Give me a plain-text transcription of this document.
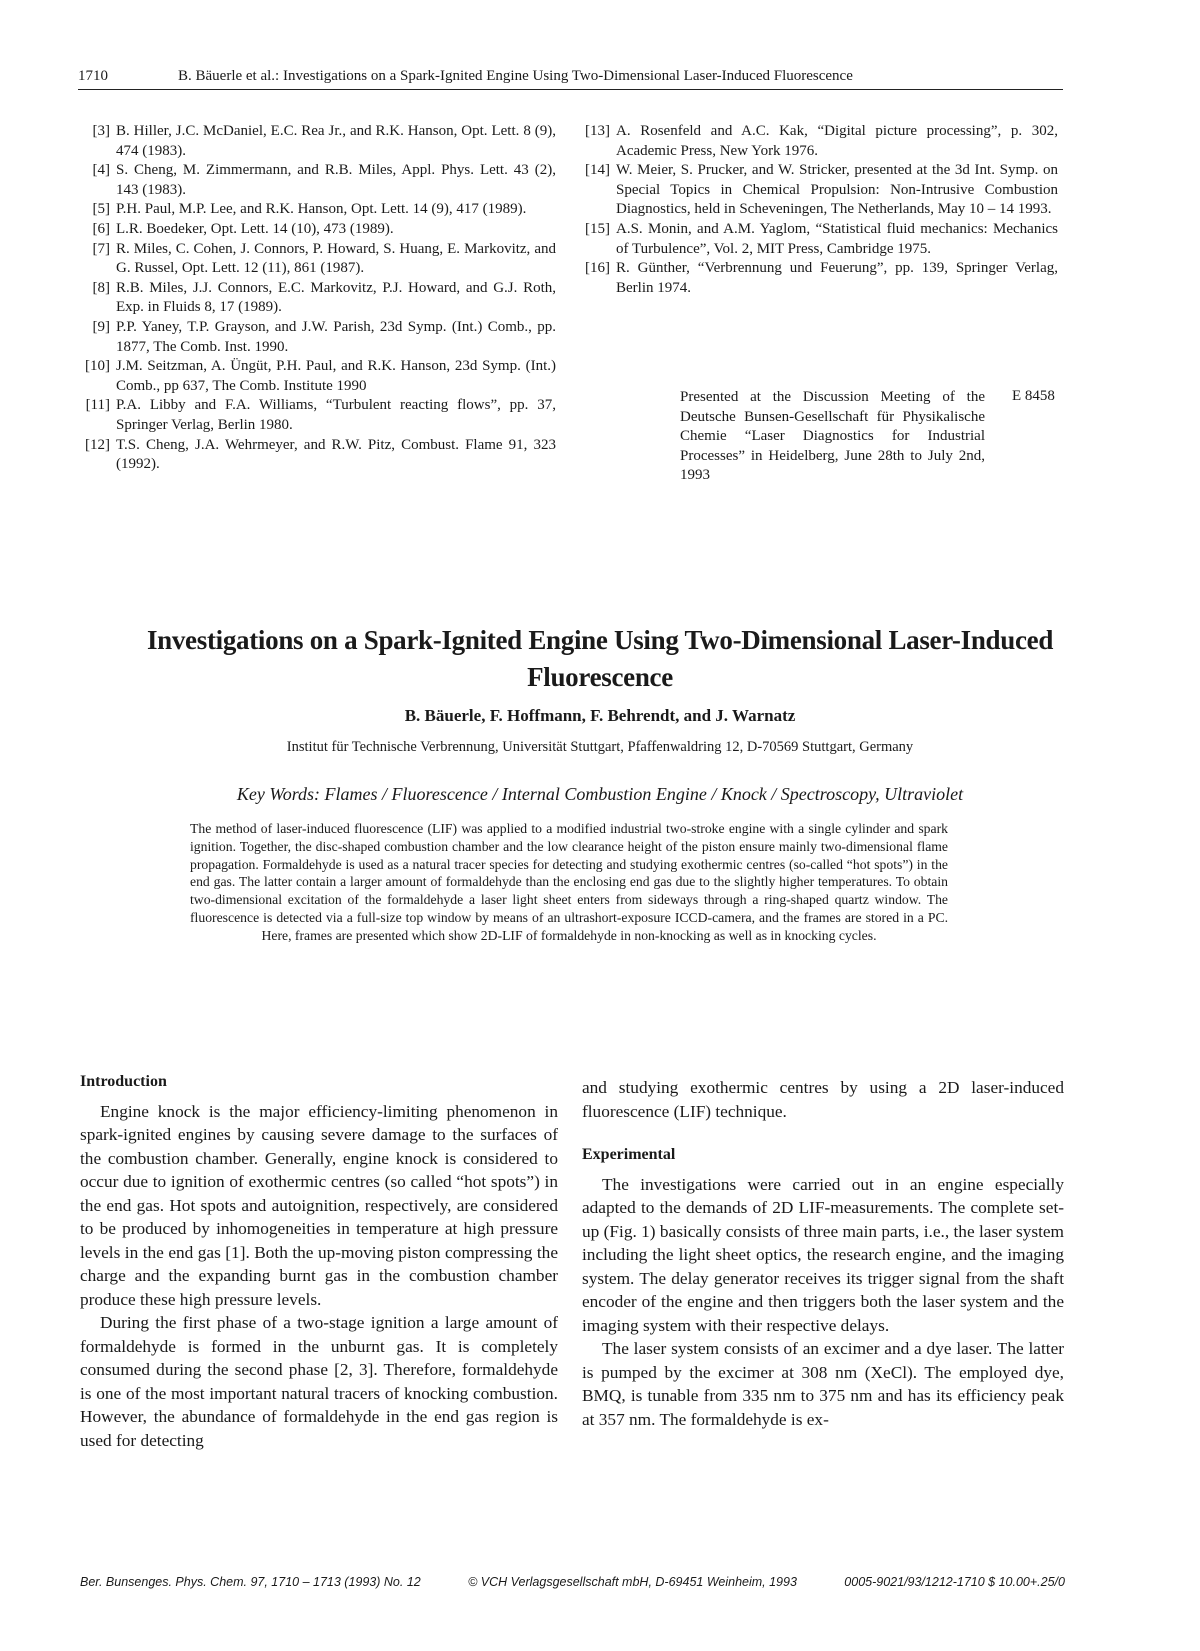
1710	B. Bäuerle et al.: Investigations on a Spark-Ignited Engine Using Two-Dimensional Laser-Induced Fluorescence
[3] B. Hiller, J.C. McDaniel, E.C. Rea Jr., and R.K. Hanson, Opt. Lett. 8 (9), 474 (1983).
[4] S. Cheng, M. Zimmermann, and R.B. Miles, Appl. Phys. Lett. 43 (2), 143 (1983).
[5] P.H. Paul, M.P. Lee, and R.K. Hanson, Opt. Lett. 14 (9), 417 (1989).
[6] L.R. Boedeker, Opt. Lett. 14 (10), 473 (1989).
[7] R. Miles, C. Cohen, J. Connors, P. Howard, S. Huang, E. Markovitz, and G. Russel, Opt. Lett. 12 (11), 861 (1987).
[8] R.B. Miles, J.J. Connors, E.C. Markovitz, P.J. Howard, and G.J. Roth, Exp. in Fluids 8, 17 (1989).
[9] P.P. Yaney, T.P. Grayson, and J.W. Parish, 23d Symp. (Int.) Comb., pp. 1877, The Comb. Inst. 1990.
[10] J.M. Seitzman, A. Üngüt, P.H. Paul, and R.K. Hanson, 23d Symp. (Int.) Comb., pp 637, The Comb. Institute 1990
[11] P.A. Libby and F.A. Williams, “Turbulent reacting flows”, pp. 37, Springer Verlag, Berlin 1980.
[12] T.S. Cheng, J.A. Wehrmeyer, and R.W. Pitz, Combust. Flame 91, 323 (1992).
[13] A. Rosenfeld and A.C. Kak, “Digital picture processing”, p. 302, Academic Press, New York 1976.
[14] W. Meier, S. Prucker, and W. Stricker, presented at the 3d Int. Symp. on Special Topics in Chemical Propulsion: Non-Intrusive Combustion Diagnostics, held in Scheveningen, The Netherlands, May 10 – 14 1993.
[15] A.S. Monin, and A.M. Yaglom, “Statistical fluid mechanics: Mechanics of Turbulence”, Vol. 2, MIT Press, Cambridge 1975.
[16] R. Günther, “Verbrennung und Feuerung”, pp. 139, Springer Verlag, Berlin 1974.
Presented at the Discussion Meeting of the Deutsche Bunsen-Gesellschaft für Physikalische Chemie “Laser Diagnostics for Industrial Processes” in Heidelberg, June 28th to July 2nd, 1993
E 8458
Investigations on a Spark-Ignited Engine Using Two-Dimensional Laser-Induced Fluorescence
B. Bäuerle, F. Hoffmann, F. Behrendt, and J. Warnatz
Institut für Technische Verbrennung, Universität Stuttgart, Pfaffenwaldring 12, D-70569 Stuttgart, Germany
Key Words: Flames / Fluorescence / Internal Combustion Engine / Knock / Spectroscopy, Ultraviolet
The method of laser-induced fluorescence (LIF) was applied to a modified industrial two-stroke engine with a single cylinder and spark ignition. Together, the disc-shaped combustion chamber and the low clearance height of the piston ensure mainly two-dimensional flame propagation. Formaldehyde is used as a natural tracer species for detecting and studying exothermic centres (so-called “hot spots”) in the end gas. The latter contain a larger amount of formaldehyde than the enclosing end gas due to the slightly higher temperatures. To obtain two-dimensional excitation of the formaldehyde a laser light sheet enters from sideways through a ring-shaped quartz window. The fluorescence is detected via a full-size top window by means of an ultrashort-exposure ICCD-camera, and the frames are stored in a PC. Here, frames are presented which show 2D-LIF of formaldehyde in non-knocking as well as in knocking cycles.
Introduction

Engine knock is the major efficiency-limiting phenomenon in spark-ignited engines by causing severe damage to the surfaces of the combustion chamber. Generally, engine knock is considered to occur due to ignition of exothermic centres (so called “hot spots”) in the end gas. Hot spots and autoignition, respectively, are considered to be produced by inhomogeneities in temperature at high pressure levels in the end gas [1]. Both the up-moving piston compressing the charge and the expanding burnt gas in the combustion chamber produce these high pressure levels.

During the first phase of a two-stage ignition a large amount of formaldehyde is formed in the unburnt gas. It is completely consumed during the second phase [2, 3]. Therefore, formaldehyde is one of the most important natural tracers of knocking combustion. However, the abundance of formaldehyde in the end gas region is used for detecting

and studying exothermic centres by using a 2D laser-induced fluorescence (LIF) technique.

Experimental

The investigations were carried out in an engine especially adapted to the demands of 2D LIF-measurements. The complete set-up (Fig. 1) basically consists of three main parts, i.e., the laser system including the light sheet optics, the research engine, and the imaging system. The delay generator receives its trigger signal from the shaft encoder of the engine and then triggers both the laser system and the imaging system with their respective delays.

The laser system consists of an excimer and a dye laser. The latter is pumped by the excimer at 308 nm (XeCl). The employed dye, BMQ, is tunable from 335 nm to 375 nm and has its efficiency peak at 357 nm. The formaldehyde is ex-

Ber. Bunsenges. Phys. Chem. 97, 1710 – 1713 (1993) No. 12	© VCH Verlagsgesellschaft mbH, D-69451 Weinheim, 1993	0005-9021/93/1212-1710 $ 10.00+.25/0
